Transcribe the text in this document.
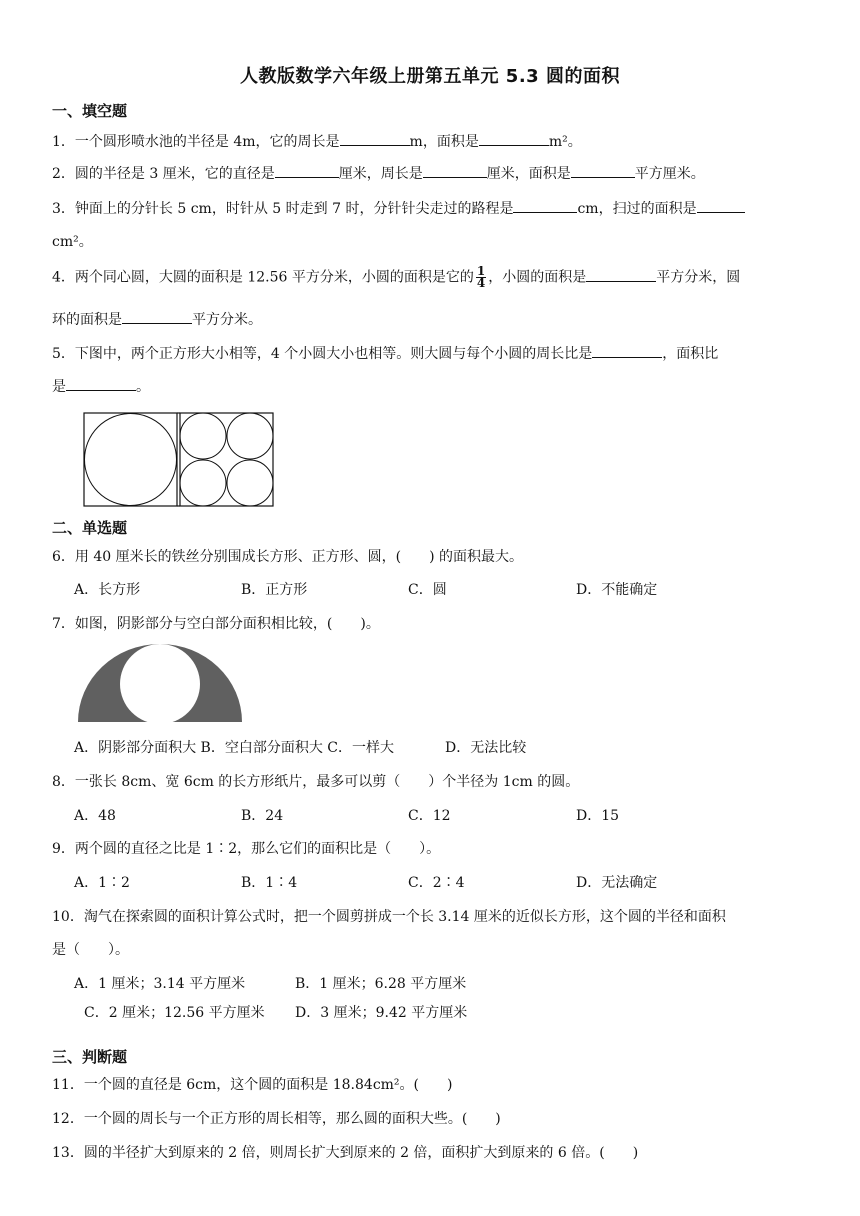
人教版数学六年级上册第五单元 5.3 圆的面积
一、填空题
1．一个圆形喷水池的半径是 4m，它的周长是	m，面积是	m²。
2．圆的半径是 3 厘米，它的直径是	厘米，周长是	厘米，面积是	平方厘米。
3．钟面上的分针长 5 cm，时针从 5 时走到 7 时，分针针尖走过的路程是	cm，扫过的面积是
cm²。
4．两个同心圆，大圆的面积是 12.56 平方分米，小圆的面积是它的 $\frac{1}{4}$ ，小圆的面积是	平方分米，圆
环的面积是	平方分米。
5．下图中，两个正方形大小相等，4 个小圆大小也相等。则大圆与每个小圆的周长比是	，面积比
是	。
二、单选题
6．用 40 厘米长的铁丝分别围成长方形、正方形、圆，(　　) 的面积最大。
A．长方形	B．正方形	C．圆	D．不能确定
7．如图，阴影部分与空白部分面积相比较，(　　)。
A．阴影部分面积大 B．空白部分面积大 C．一样大	D．无法比较
8．一张长 8cm、宽 6cm 的长方形纸片，最多可以剪（　　）个半径为 1cm 的圆。
A．48	B．24	C．12	D．15
9．两个圆的直径之比是 1∶2，那么它们的面积比是（　　）。
A．1∶2	B．1∶4	C．2∶4	D．无法确定
10．淘气在探索圆的面积计算公式时，把一个圆剪拼成一个长 3.14 厘米的近似长方形，这个圆的半径和面积
是（　　）。
A．1 厘米；3.14 平方厘米	B．1 厘米；6.28 平方厘米
C．2 厘米；12.56 平方厘米 D．3 厘米；9.42 平方厘米
三、判断题
11．一个圆的直径是 6cm，这个圆的面积是 18.84cm²。(　　)
12．一个圆的周长与一个正方形的周长相等，那么圆的面积大些。(　　)
13．圆的半径扩大到原来的 2 倍，则周长扩大到原来的 2 倍，面积扩大到原来的 6 倍。(　　)
